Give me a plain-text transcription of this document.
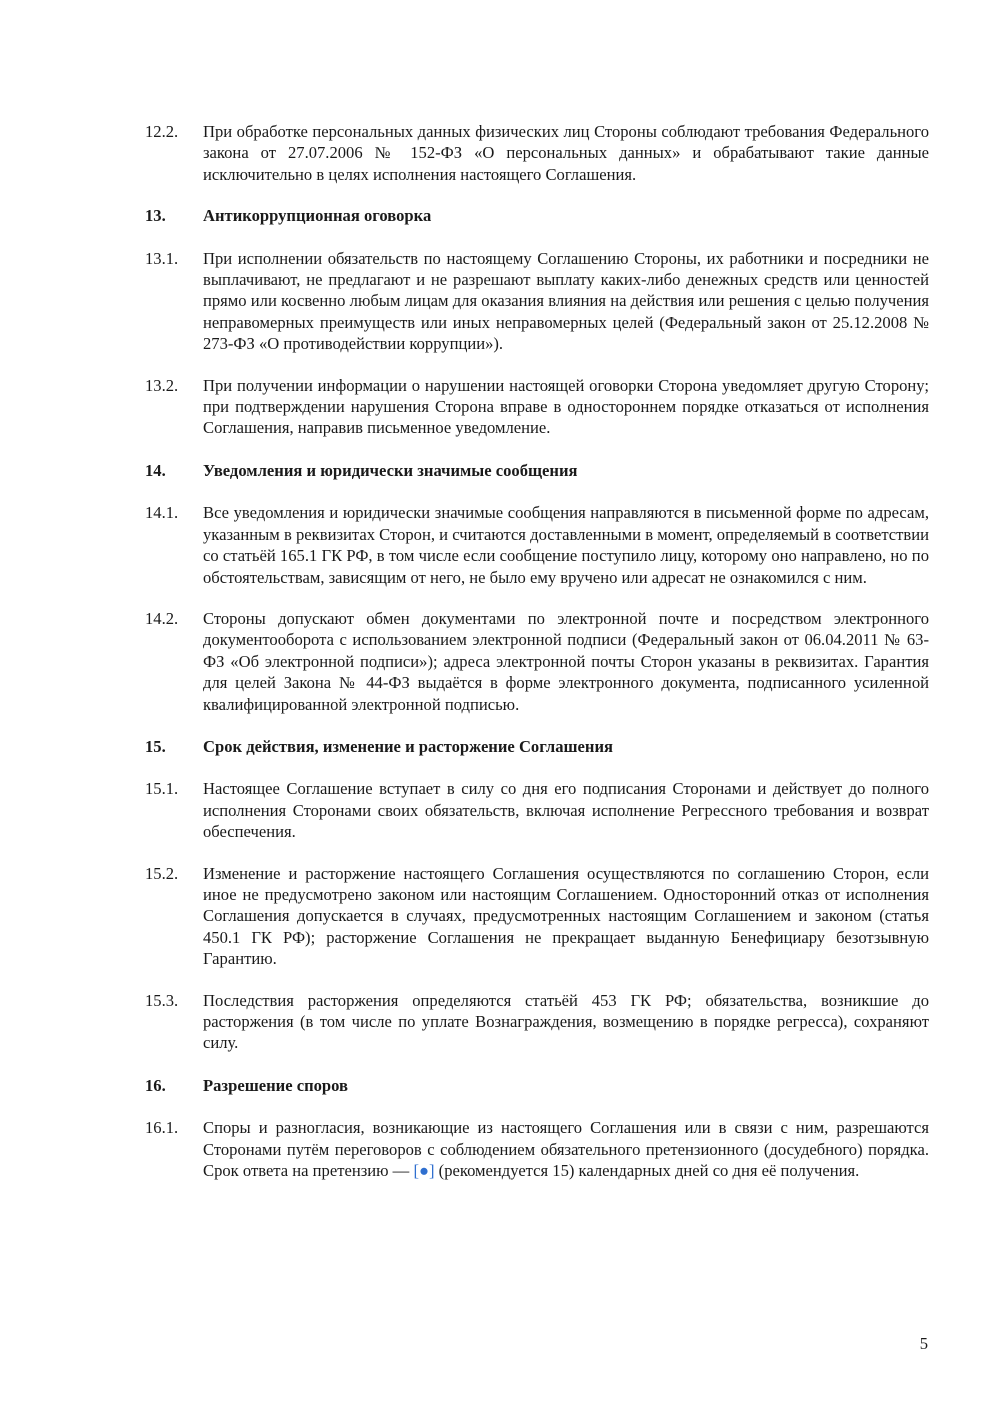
12.2.	При обработке персональных данных физических лиц Стороны соблюдают требования Федерального закона от 27.07.2006 № 152-ФЗ «О персональных данных» и обрабатывают такие данные исключительно в целях исполнения настоящего Соглашения.
13.	Антикоррупционная оговорка
13.1.	При исполнении обязательств по настоящему Соглашению Стороны, их работники и посредники не выплачивают, не предлагают и не разрешают выплату каких-либо денежных средств или ценностей прямо или косвенно любым лицам для оказания влияния на действия или решения с целью получения неправомерных преимуществ или иных неправомерных целей (Федеральный закон от 25.12.2008 № 273-ФЗ «О противодействии коррупции»).
13.2.	При получении информации о нарушении настоящей оговорки Сторона уведомляет другую Сторону; при подтверждении нарушения Сторона вправе в одностороннем порядке отказаться от исполнения Соглашения, направив письменное уведомление.
14.	Уведомления и юридически значимые сообщения
14.1.	Все уведомления и юридически значимые сообщения направляются в письменной форме по адресам, указанным в реквизитах Сторон, и считаются доставленными в момент, определяемый в соответствии со статьёй 165.1 ГК РФ, в том числе если сообщение поступило лицу, которому оно направлено, но по обстоятельствам, зависящим от него, не было ему вручено или адресат не ознакомился с ним.
14.2.	Стороны допускают обмен документами по электронной почте и посредством электронного документооборота с использованием электронной подписи (Федеральный закон от 06.04.2011 № 63-ФЗ «Об электронной подписи»); адреса электронной почты Сторон указаны в реквизитах. Гарантия для целей Закона № 44-ФЗ выдаётся в форме электронного документа, подписанного усиленной квалифицированной электронной подписью.
15.	Срок действия, изменение и расторжение Соглашения
15.1.	Настоящее Соглашение вступает в силу со дня его подписания Сторонами и действует до полного исполнения Сторонами своих обязательств, включая исполнение Регрессного требования и возврат обеспечения.
15.2.	Изменение и расторжение настоящего Соглашения осуществляются по соглашению Сторон, если иное не предусмотрено законом или настоящим Соглашением. Односторонний отказ от исполнения Соглашения допускается в случаях, предусмотренных настоящим Соглашением и законом (статья 450.1 ГК РФ); расторжение Соглашения не прекращает выданную Бенефициару безотзывную Гарантию.
15.3.	Последствия расторжения определяются статьёй 453 ГК РФ; обязательства, возникшие до расторжения (в том числе по уплате Вознаграждения, возмещению в порядке регресса), сохраняют силу.
16.	Разрешение споров
16.1.	Споры и разногласия, возникающие из настоящего Соглашения или в связи с ним, разрешаются Сторонами путём переговоров с соблюдением обязательного претензионного (досудебного) порядка. Срок ответа на претензию — [●] (рекомендуется 15) календарных дней со дня её получения.
5
